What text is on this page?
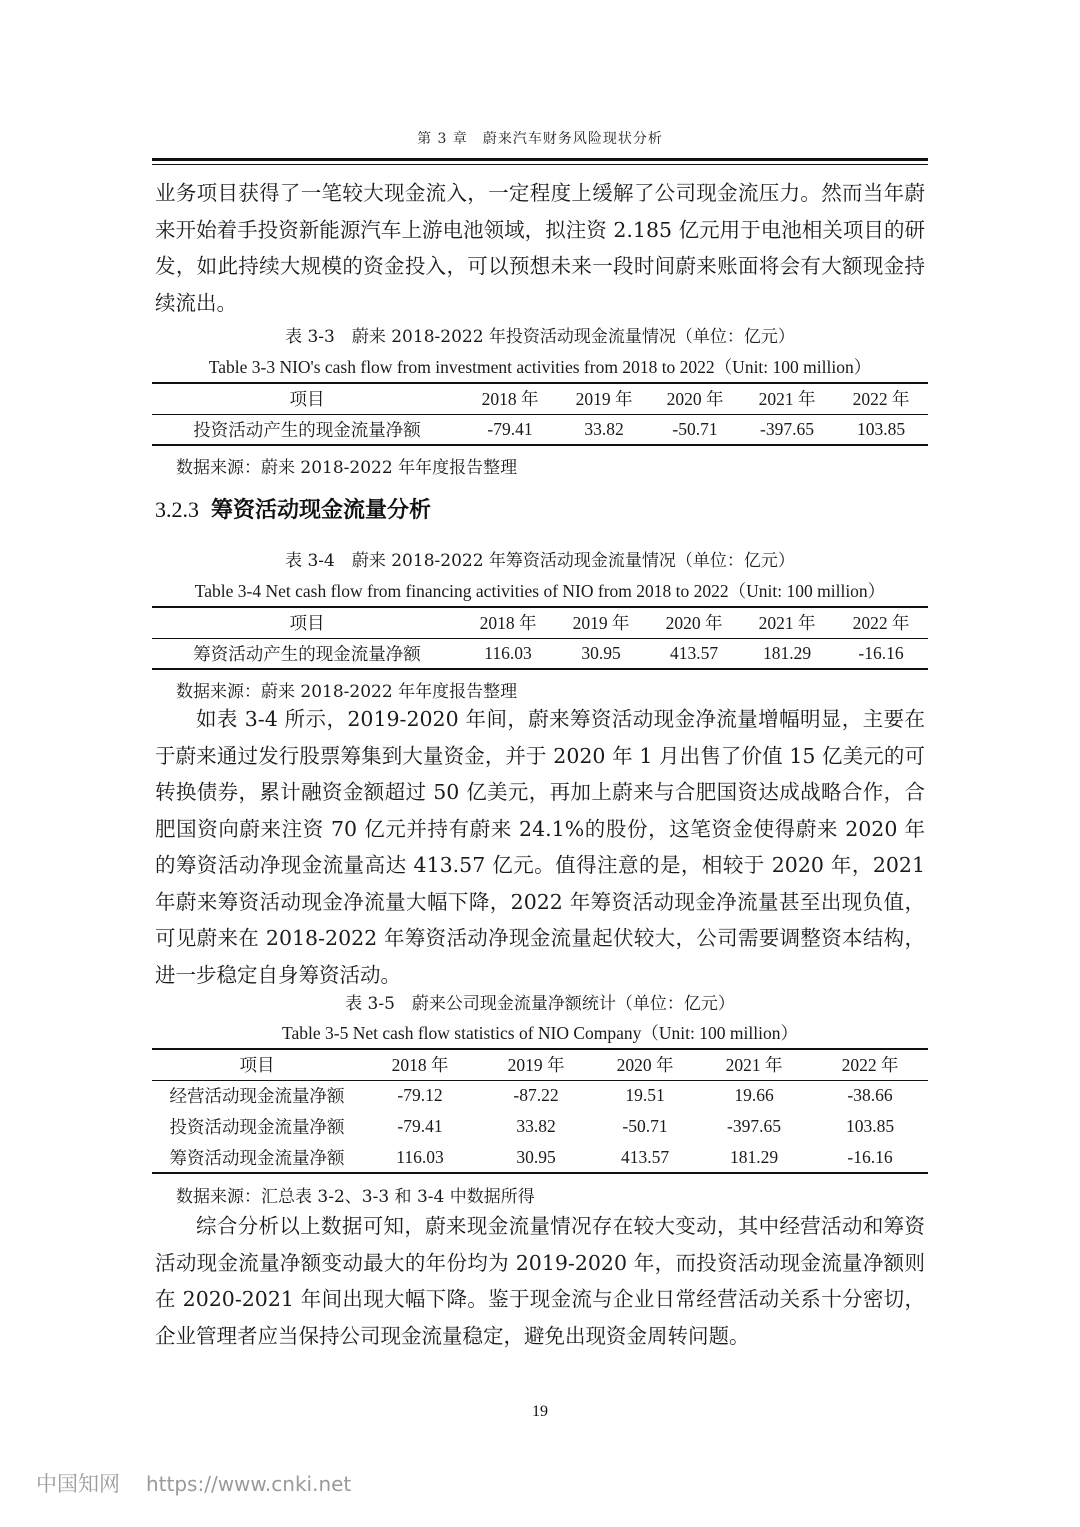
第 3 章　蔚来汽车财务风险现状分析
业务项目获得了一笔较大现金流入，一定程度上缓解了公司现金流压力。然而当年蔚来开始着手投资新能源汽车上游电池领域，拟注资 2.185 亿元用于电池相关项目的研发，如此持续大规模的资金投入，可以预想未来一段时间蔚来账面将会有大额现金持续流出。
表 3-3　蔚来 2018-2022 年投资活动现金流量情况（单位：亿元）
Table 3-3 NIO's cash flow from investment activities from 2018 to 2022（Unit: 100 million）
项目	2018 年	2019 年	2020 年	2021 年	2022 年
投资活动产生的现金流量净额	-79.41	33.82	-50.71	-397.65	103.85
数据来源：蔚来 2018-2022 年年度报告整理
3.2.3 筹资活动现金流量分析
表 3-4　蔚来 2018-2022 年筹资活动现金流量情况（单位：亿元）
Table 3-4 Net cash flow from financing activities of NIO from 2018 to 2022（Unit: 100 million）
项目	2018 年	2019 年	2020 年	2021 年	2022 年
筹资活动产生的现金流量净额	116.03	30.95	413.57	181.29	-16.16
数据来源：蔚来 2018-2022 年年度报告整理
如表 3-4 所示，2019-2020 年间，蔚来筹资活动现金净流量增幅明显，主要在于蔚来通过发行股票筹集到大量资金，并于 2020 年 1 月出售了价值 15 亿美元的可转换债券，累计融资金额超过 50 亿美元，再加上蔚来与合肥国资达成战略合作，合肥国资向蔚来注资 70 亿元并持有蔚来 24.1%的股份，这笔资金使得蔚来 2020 年的筹资活动净现金流量高达 413.57 亿元。值得注意的是，相较于 2020 年，2021 年蔚来筹资活动现金净流量大幅下降，2022 年筹资活动现金净流量甚至出现负值，可见蔚来在 2018-2022 年筹资活动净现金流量起伏较大，公司需要调整资本结构，进一步稳定自身筹资活动。
表 3-5　蔚来公司现金流量净额统计（单位：亿元）
Table 3-5 Net cash flow statistics of NIO Company（Unit: 100 million）
项目	2018 年	2019 年	2020 年	2021 年	2022 年
经营活动现金流量净额	-79.12	-87.22	19.51	19.66	-38.66
投资活动现金流量净额	-79.41	33.82	-50.71	-397.65	103.85
筹资活动现金流量净额	116.03	30.95	413.57	181.29	-16.16
数据来源：汇总表 3-2、3-3 和 3-4 中数据所得
综合分析以上数据可知，蔚来现金流量情况存在较大变动，其中经营活动和筹资活动现金流量净额变动最大的年份均为 2019-2020 年，而投资活动现金流量净额则在 2020-2021 年间出现大幅下降。鉴于现金流与企业日常经营活动关系十分密切，企业管理者应当保持公司现金流量稳定，避免出现资金周转问题。
19
中国知网 https://www.cnki.net
